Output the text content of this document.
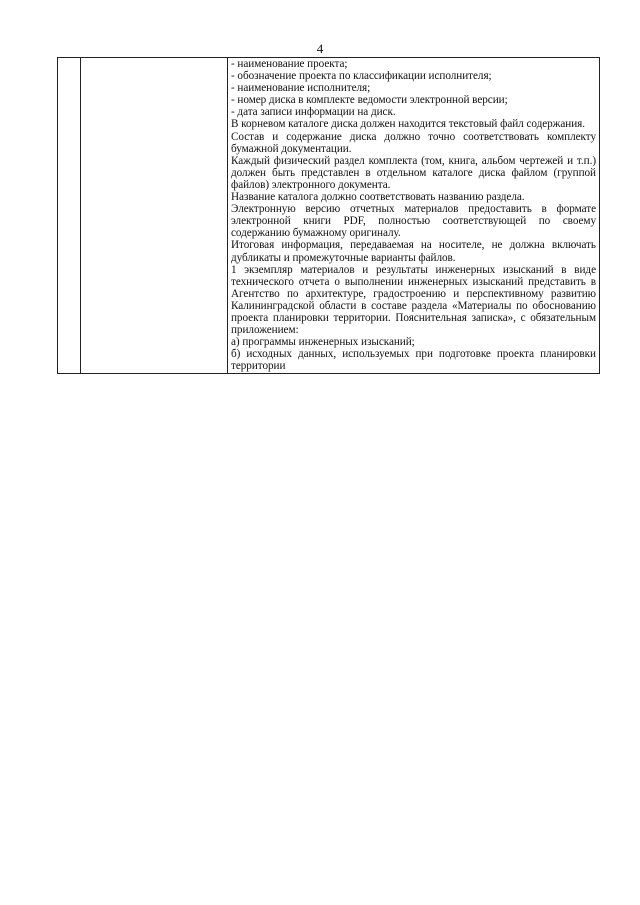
4

- наименование проекта;
- обозначение проекта по классификации исполнителя;
- наименование исполнителя;
- номер диска в комплекте ведомости электронной версии;
- дата записи информации на диск.
В корневом каталоге диска должен находится текстовый файл содержания.
Состав и содержание диска должно точно соответствовать комплекту бумажной документации.
Каждый физический раздел комплекта (том, книга, альбом чертежей и т.п.) должен быть представлен в отдельном каталоге диска файлом (группой файлов) электронного документа.
Название каталога должно соответствовать названию раздела.
Электронную версию отчетных материалов предоставить в формате электронной книги PDF, полностью соответствующей по своему содержанию бумажному оригиналу.
Итоговая информация, передаваемая на носителе, не должна включать дубликаты и промежуточные варианты файлов.
1 экземпляр материалов и результаты инженерных изысканий в виде технического отчета о выполнении инженерных изысканий представить в Агентство по архитектуре, градостроению и перспективному развитию Калининградской области в составе раздела «Материалы по обоснованию проекта планировки территории. Пояснительная записка», с обязательным приложением:
а) программы инженерных изысканий;
б) исходных данных, используемых при подготовке проекта планировки территории
